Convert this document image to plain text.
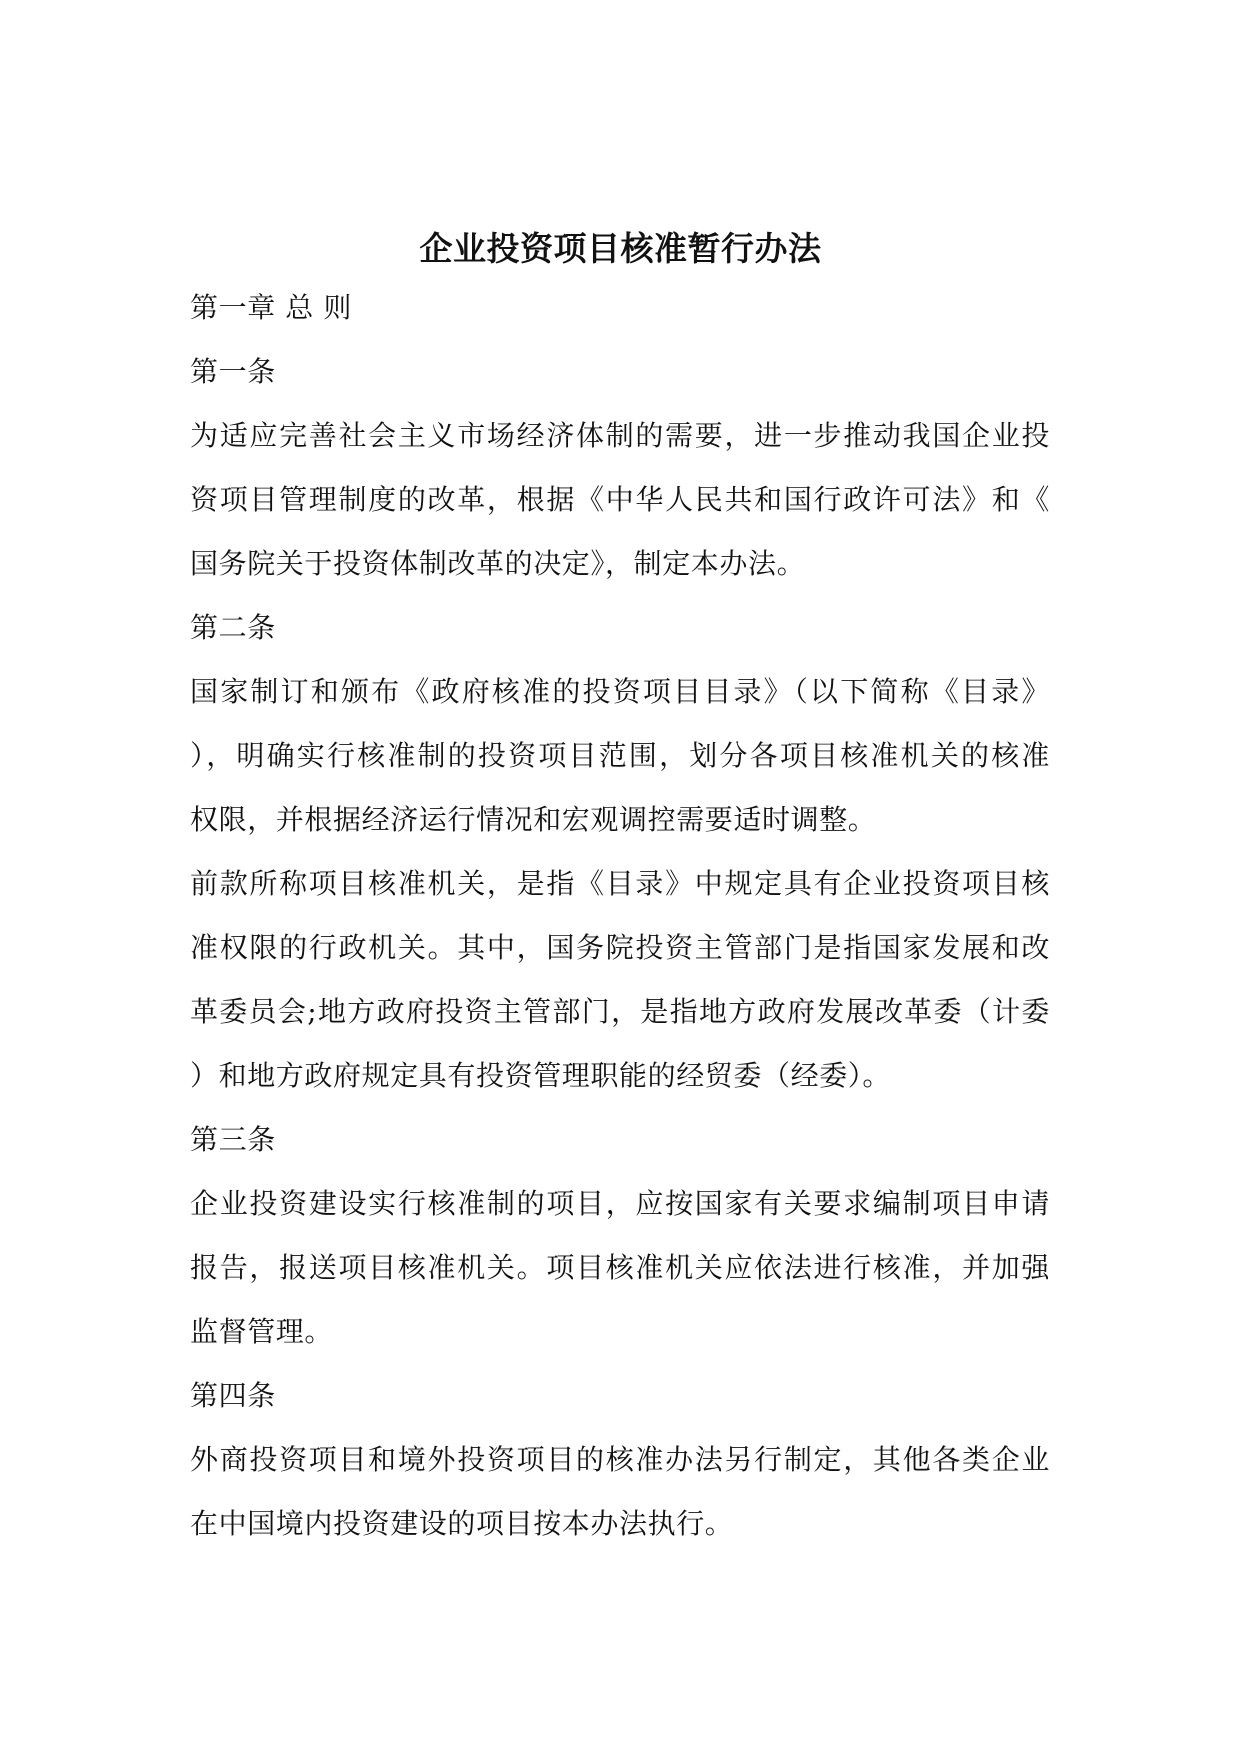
企业投资项目核准暂行办法

第一章 总 则

第一条

为适应完善社会主义市场经济体制的需要，进一步推动我国企业投

资项目管理制度的改革，根据《中华人民共和国行政许可法》和《

国务院关于投资体制改革的决定》，制定本办法。

第二条

国家制订和颁布《政府核准的投资项目目录》（以下简称《目录》

），明确实行核准制的投资项目范围，划分各项目核准机关的核准

权限，并根据经济运行情况和宏观调控需要适时调整。

前款所称项目核准机关，是指《目录》中规定具有企业投资项目核

准权限的行政机关。其中，国务院投资主管部门是指国家发展和改

革委员会;地方政府投资主管部门，是指地方政府发展改革委（计委

）和地方政府规定具有投资管理职能的经贸委（经委）。

第三条

企业投资建设实行核准制的项目，应按国家有关要求编制项目申请

报告，报送项目核准机关。项目核准机关应依法进行核准，并加强

监督管理。

第四条

外商投资项目和境外投资项目的核准办法另行制定，其他各类企业

在中国境内投资建设的项目按本办法执行。
